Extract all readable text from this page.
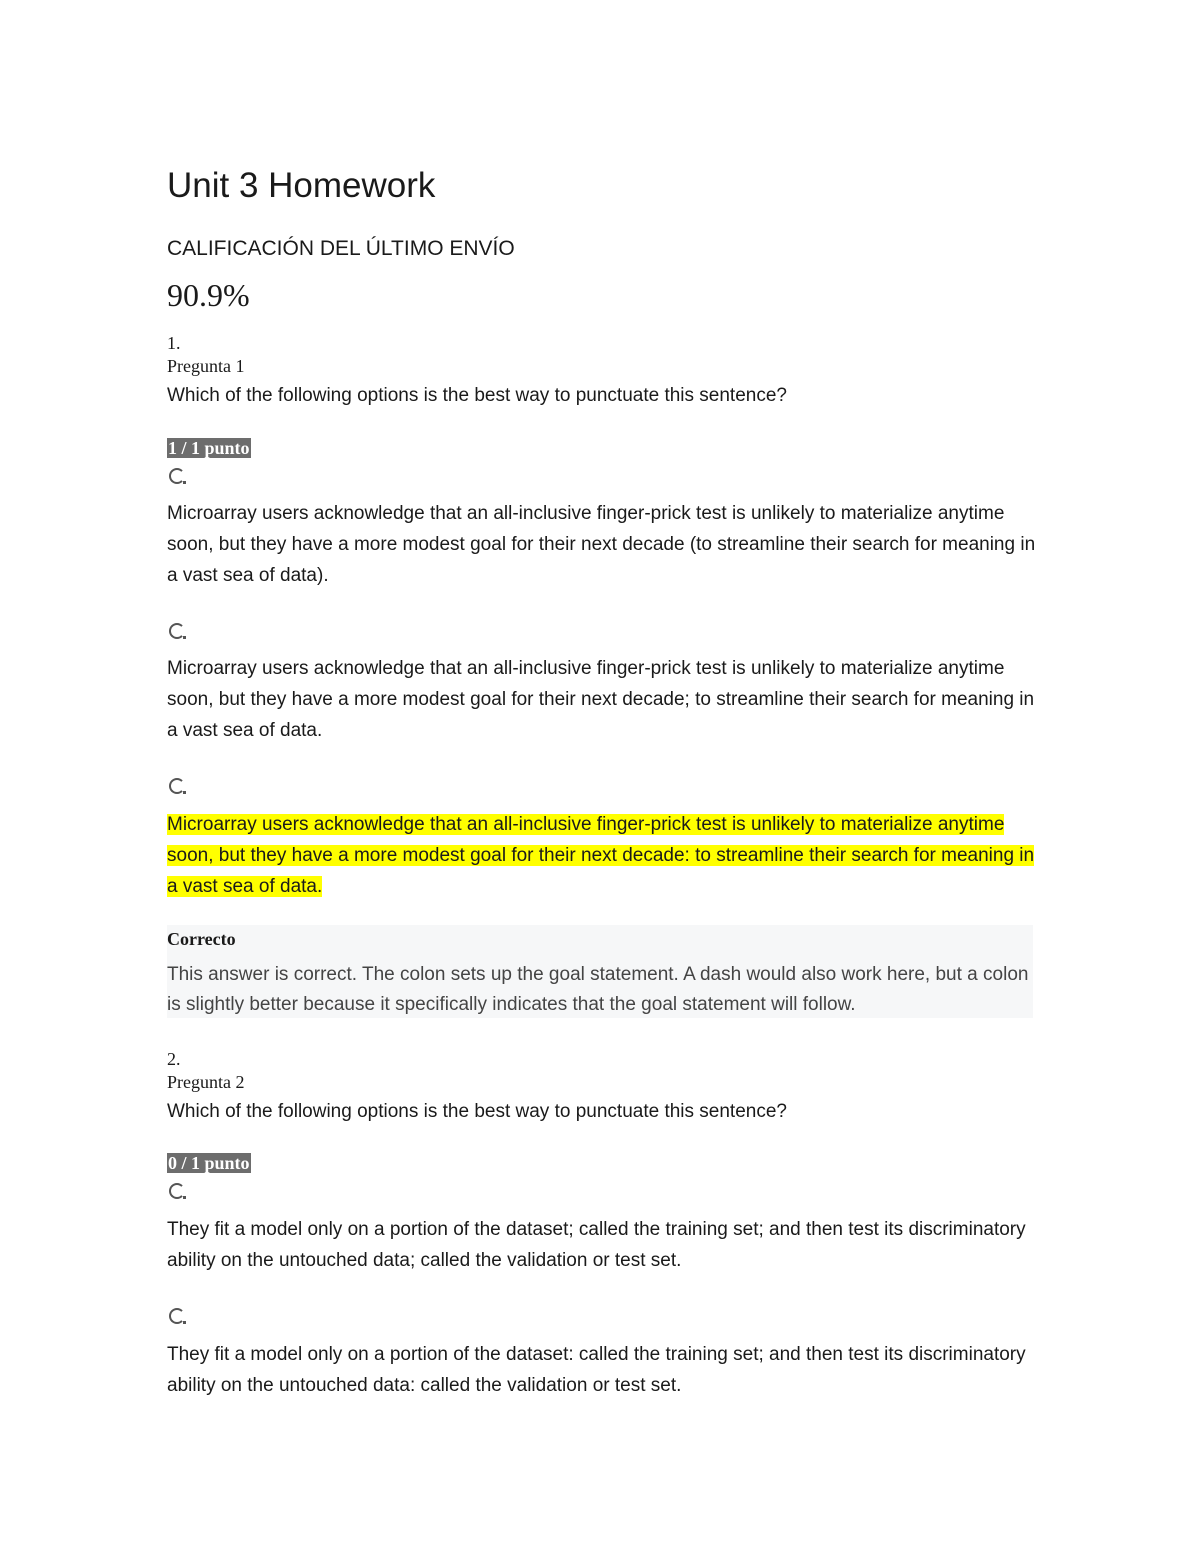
Unit 3 Homework
CALIFICACIÓN DEL ÚLTIMO ENVÍO
90.9%
1.
Pregunta 1
Which of the following options is the best way to punctuate this sentence?
1 / 1 punto
Microarray users acknowledge that an all-inclusive finger-prick test is unlikely to materialize anytime soon, but they have a more modest goal for their next decade (to streamline their search for meaning in a vast sea of data).
Microarray users acknowledge that an all-inclusive finger-prick test is unlikely to materialize anytime soon, but they have a more modest goal for their next decade; to streamline their search for meaning in a vast sea of data.
Microarray users acknowledge that an all-inclusive finger-prick test is unlikely to materialize anytime soon, but they have a more modest goal for their next decade: to streamline their search for meaning in a vast sea of data.
Correcto
This answer is correct. The colon sets up the goal statement. A dash would also work here, but a colon is slightly better because it specifically indicates that the goal statement will follow.
2.
Pregunta 2
Which of the following options is the best way to punctuate this sentence?
0 / 1 punto
They fit a model only on a portion of the dataset; called the training set; and then test its discriminatory ability on the untouched data; called the validation or test set.
They fit a model only on a portion of the dataset: called the training set; and then test its discriminatory ability on the untouched data: called the validation or test set.
